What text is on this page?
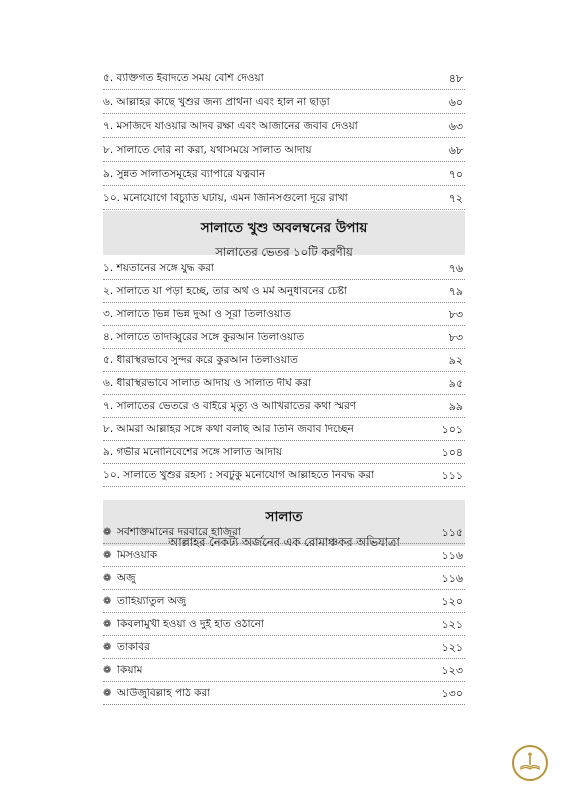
৫. ব্যক্তিগত ইবাদতে সময় বেশি দেওয়া	৪৮
৬. আল্লাহর কাছে খুশুর জন্য প্রার্থনা এবং হাল না ছাড়া	৬০
৭. মসজিদে যাওয়ার আদব রক্ষা এবং আজানের জবাব দেওয়া	৬৩
৮. সালাতে দেরি না করা, যথাসময়ে সালাত আদায়	৬৮
৯. সুন্নত সালাতসমূহের ব্যাপারে যত্নবান	৭০
১০. মনোযোগে বিচ্যুতি ঘটায়, এমন জিনিসগুলো দূরে রাখা	৭২
সালাতে খুশু অবলম্বনের উপায়
সালাতের ভেতর ১০টি করণীয়
১. শয়তানের সঙ্গে যুদ্ধ করা	৭৬
২. সালাতে যা পড়া হচ্ছে, তার অর্থ ও মর্ম অনুধাবনের চেষ্টা	৭৯
৩. সালাতে ভিন্ন ভিন্ন দুআ ও সূরা তিলাওয়াত	৮৩
৪. সালাতে তাদাব্বুরের সঙ্গে কুরআন তিলাওয়াত	৮৩
৫. ধীরস্থিরভাবে সুন্দর করে কুরআন তিলাওয়াত	৯২
৬. ধীরস্থিরভাবে সালাত আদায় ও সালাত দীর্ঘ করা	৯৫
৭. সালাতের ভেতরে ও বাইরে মৃত্যু ও আখিরাতের কথা স্মরণ	৯৯
৮. আমরা আল্লাহর সঙ্গে কথা বলছি আর তিনি জবাব দিচ্ছেন	১০১
৯. গভীর মনোনিবেশের সঙ্গে সালাত আদায়	১০৪
১০. সালাতে খুশুর রহস্য : সবটুকু মনোযোগ আল্লাহতে নিবদ্ধ করা	১১১
সালাত
আল্লাহর নৈকট্য অর্জনের এক রোমাঞ্চকর অভিযাত্রা
❁ সর্বশক্তিমানের দরবারে হাজিরা	১১৫
❁ মিসওয়াক	১১৬
❁ অজু	১১৬
❁ তাহিয়্যাতুল অজু	১২০
❁ কিবলামুখী হওয়া ও দুই হাত ওঠানো	১২১
❁ তাকবির	১২১
❁ কিয়াম	১২৩
❁ আউজুবিল্লাহ পাঠ করা	১৩০
